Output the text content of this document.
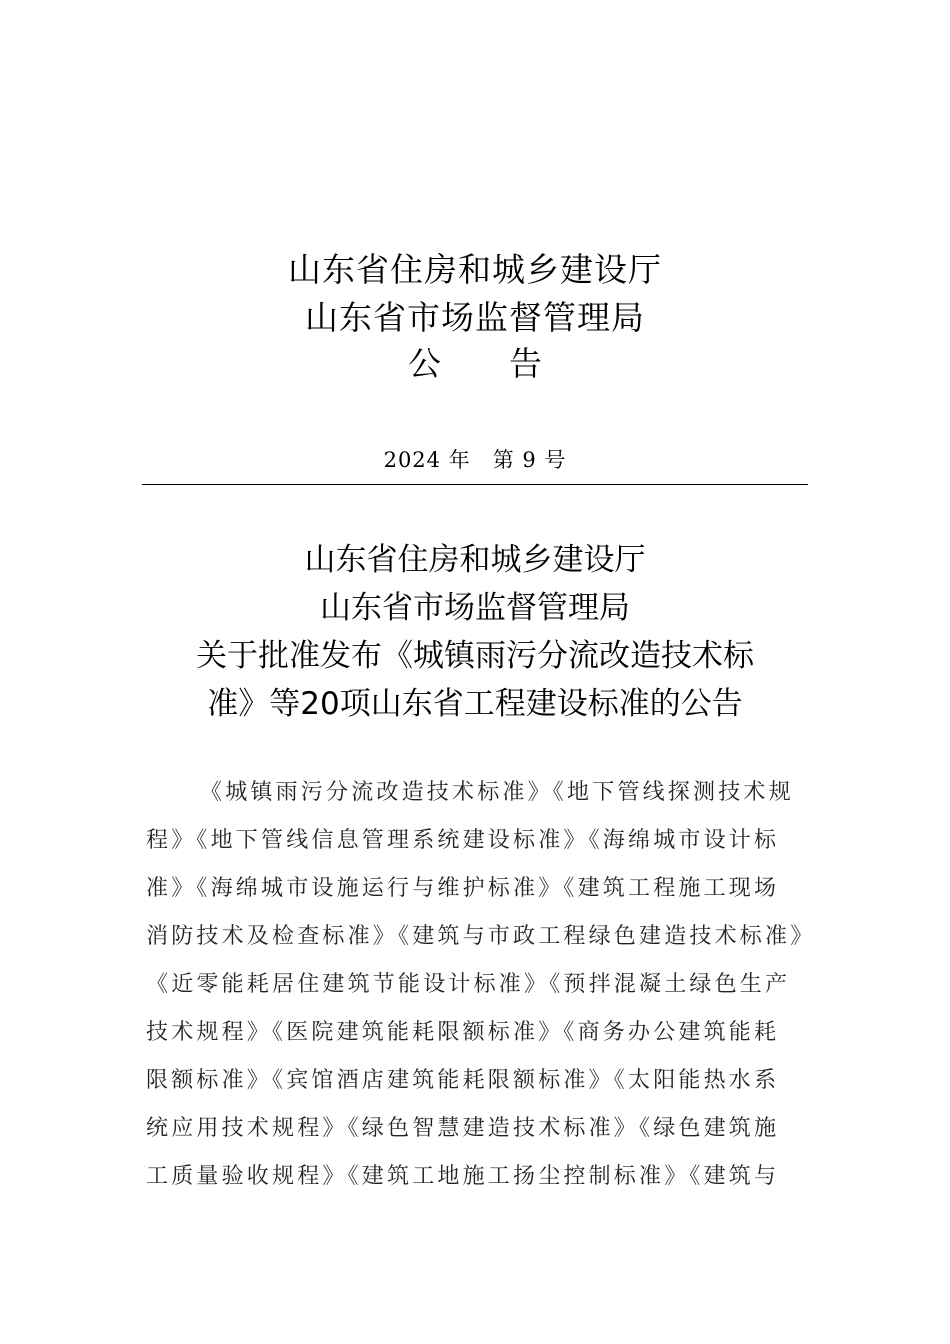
山东省住房和城乡建设厅
山东省市场监督管理局
公 告
2024 年　第 9 号
山东省住房和城乡建设厅
山东省市场监督管理局
关于批准发布《城镇雨污分流改造技术标
准》等20项山东省工程建设标准的公告
《城镇雨污分流改造技术标准》《地下管线探测技术规
程》《地下管线信息管理系统建设标准》《海绵城市设计标
准》《海绵城市设施运行与维护标准》《建筑工程施工现场
消防技术及检查标准》《建筑与市政工程绿色建造技术标准》
《近零能耗居住建筑节能设计标准》《预拌混凝土绿色生产
技术规程》《医院建筑能耗限额标准》《商务办公建筑能耗
限额标准》《宾馆酒店建筑能耗限额标准》《太阳能热水系
统应用技术规程》《绿色智慧建造技术标准》《绿色建筑施
工质量验收规程》《建筑工地施工扬尘控制标准》《建筑与
